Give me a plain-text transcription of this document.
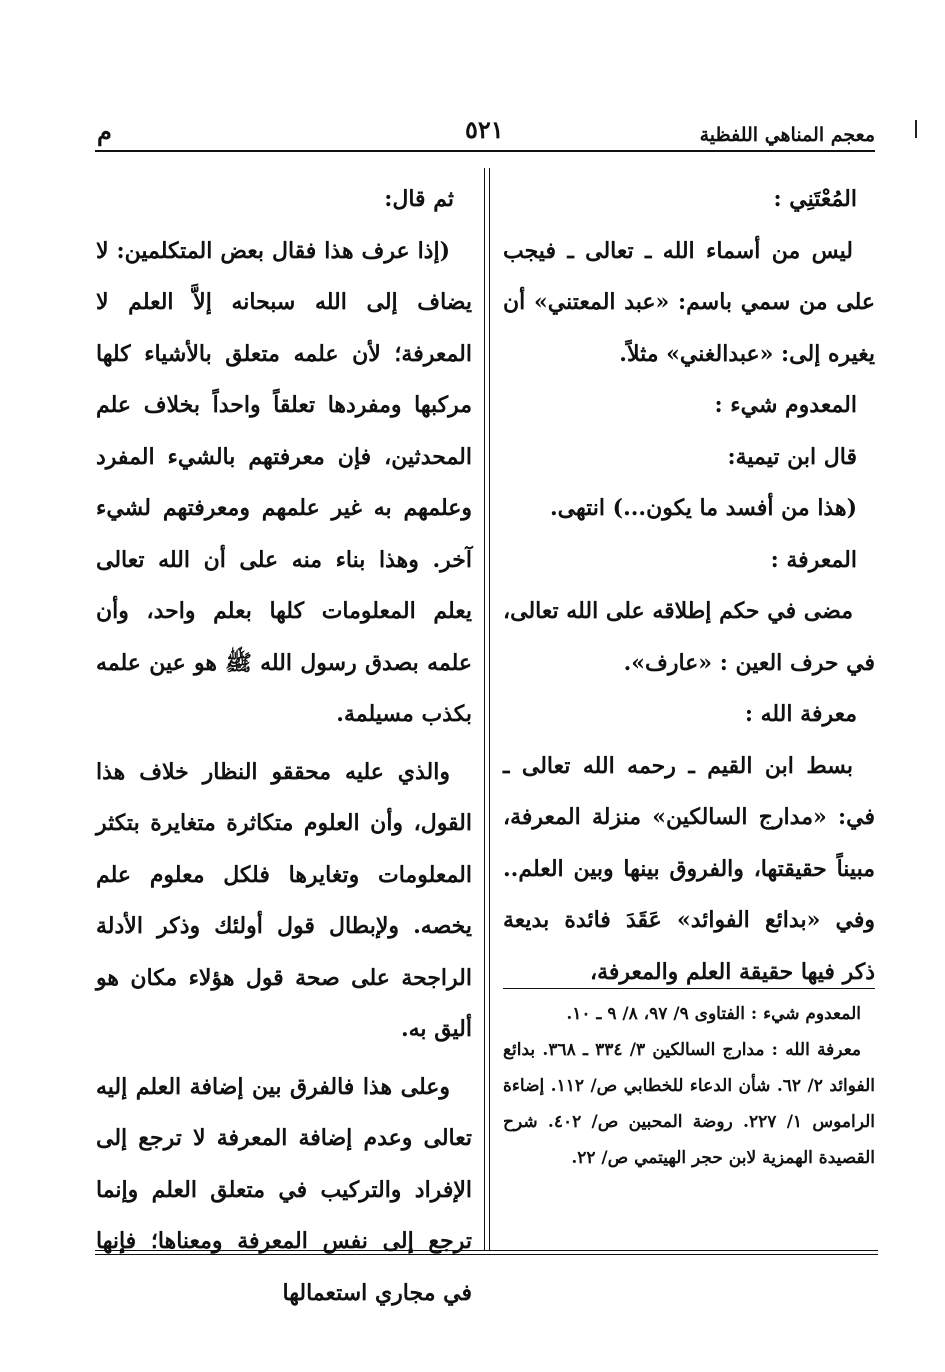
معجم المناهي اللفظية
٥٢١
م

المُعْتَنِي :

ليس من أسماء الله ـ تعالى ـ فيجب على من سمي باسم: «عبد المعتني» أن يغيره إلى: «عبدالغني» مثلاً.

المعدوم شيء :

قال ابن تيمية:

(هذا من أفسد ما يكون...) انتهى.

المعرفة :

مضى في حكم إطلاقه على الله تعالى، في حرف العين : «عارف».

معرفة الله :

بسط ابن القيم ـ رحمه الله تعالى ـ في: «مدارج السالكين» منزلة المعرفة، مبيناً حقيقتها، والفروق بينها وبين العلم.. وفي «بدائع الفوائد» عَقَدَ فائدة بديعة ذكر فيها حقيقة العلم والمعرفة،

المعدوم شيء : الفتاوى ٩/ ٩٧، ٨/ ٩ ـ ١٠.

معرفة الله : مدارج السالكين ٣/ ٣٣٤ ـ ٣٦٨. بدائع الفوائد ٢/ ٦٢. شأن الدعاء للخطابي ص/ ١١٢. إضاءة الراموس ١/ ٢٢٧. روضة المحبين ص/ ٤٠٢. شرح القصيدة الهمزية لابن حجر الهيتمي ص/ ٢٢.

ثم قال:

(إذا عرف هذا فقال بعض المتكلمين: لا يضاف إلى الله سبحانه إلاَّ العلم لا المعرفة؛ لأن علمه متعلق بالأشياء كلها مركبها ومفردها تعلقاً واحداً بخلاف علم المحدثين، فإن معرفتهم بالشيء المفرد وعلمهم به غير علمهم ومعرفتهم لشيء آخر. وهذا بناء منه على أن الله تعالى يعلم المعلومات كلها بعلم واحد، وأن علمه بصدق رسول الله ﷺ هو عين علمه بكذب مسيلمة.

والذي عليه محققو النظار خلاف هذا القول، وأن العلوم متكاثرة متغايرة بتكثر المعلومات وتغايرها فلكل معلوم علم يخصه. ولإبطال قول أولئك وذكر الأدلة الراجحة على صحة قول هؤلاء مكان هو أليق به.

وعلى هذا فالفرق بين إضافة العلم إليه تعالى وعدم إضافة المعرفة لا ترجع إلى الإفراد والتركيب في متعلق العلم وإنما ترجع إلى نفس المعرفة ومعناها؛ فإنها في مجاري استعمالها
